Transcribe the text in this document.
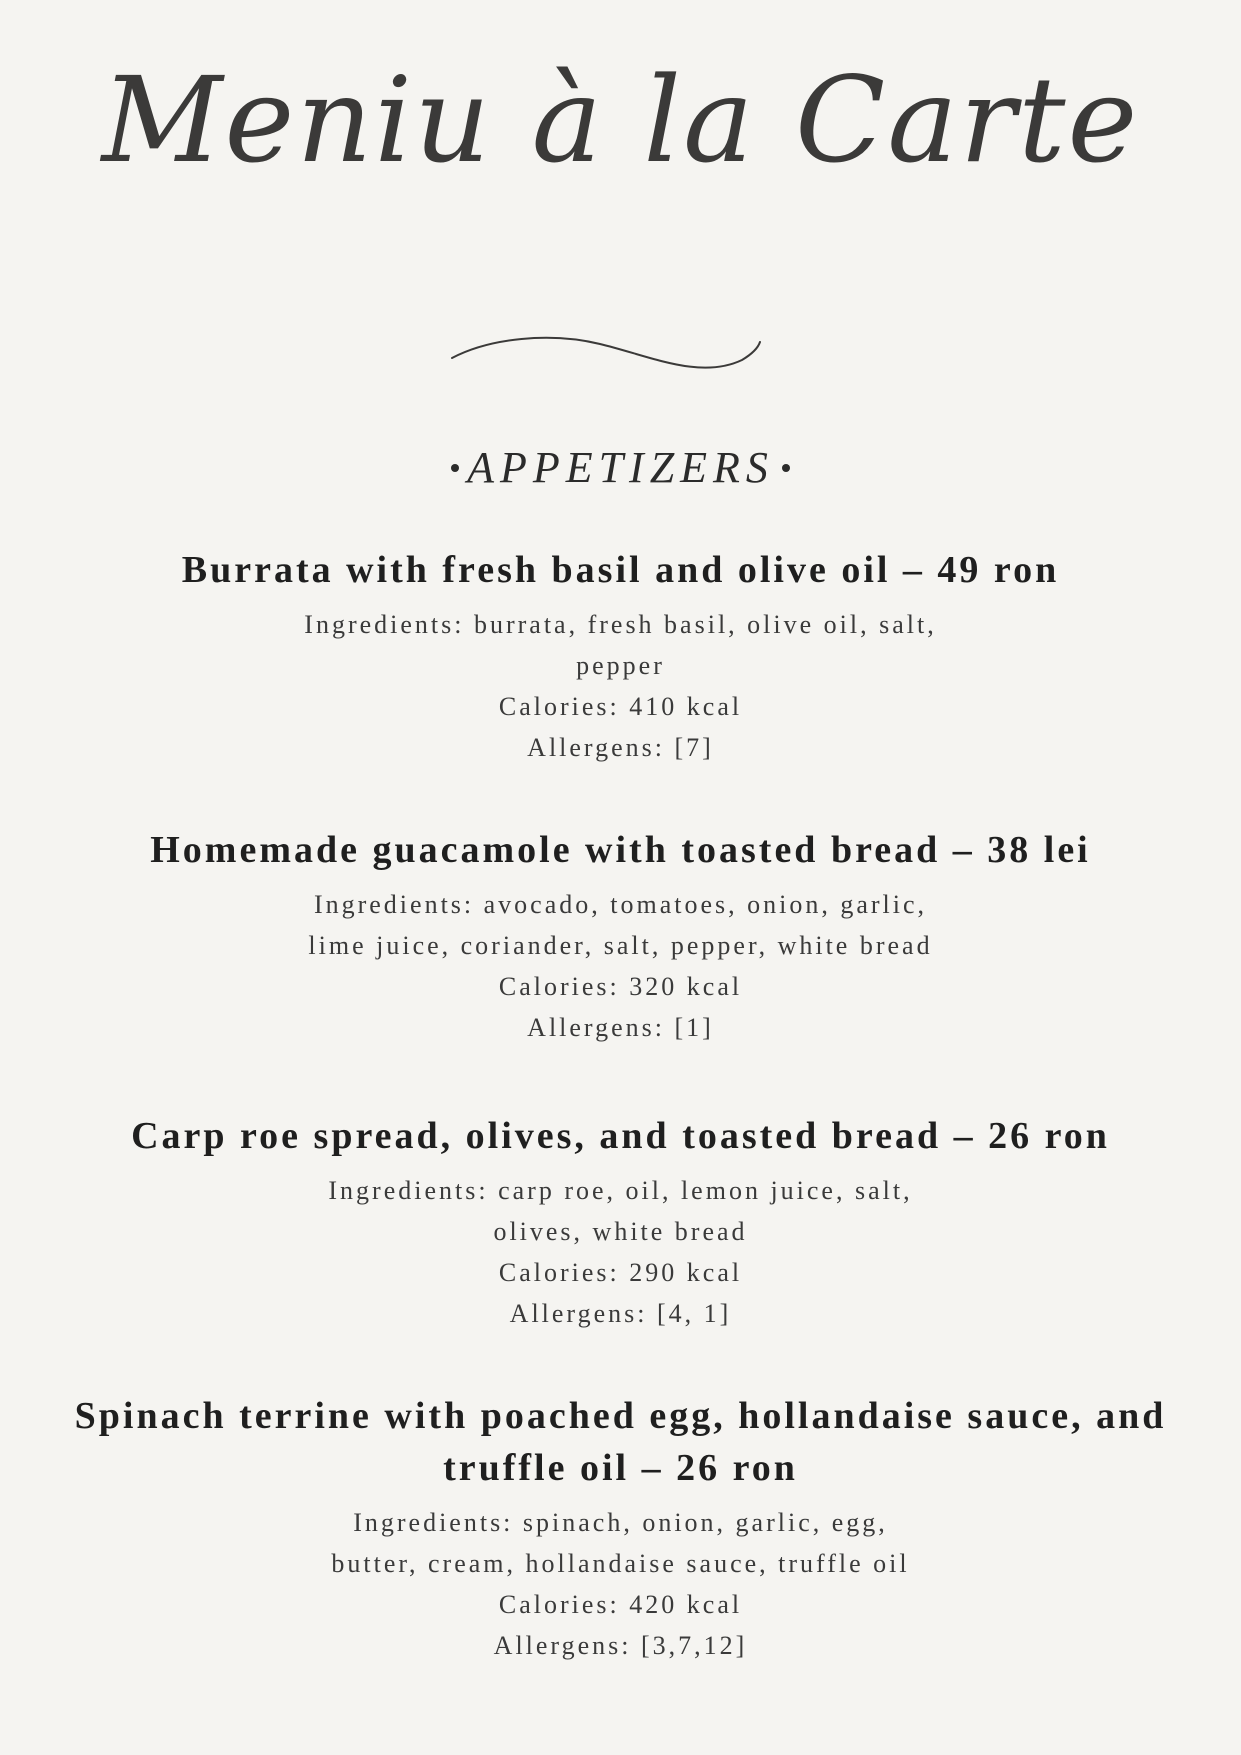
Meniu à la Carte
APPETIZERS

Burrata with fresh basil and olive oil – 49 ron

Ingredients: burrata, fresh basil, olive oil, salt,

pepper

Calories: 410 kcal

Allergens: [7]

Homemade guacamole with toasted bread – 38 lei

Ingredients: avocado, tomatoes, onion, garlic,

lime juice, coriander, salt, pepper, white bread

Calories: 320 kcal

Allergens: [1]

Carp roe spread, olives, and toasted bread – 26 ron

Ingredients: carp roe, oil, lemon juice, salt,

olives, white bread

Calories: 290 kcal

Allergens: [4, 1]

Spinach terrine with poached egg, hollandaise sauce, and

truffle oil – 26 ron

Ingredients: spinach, onion, garlic, egg,

butter, cream, hollandaise sauce, truffle oil

Calories: 420 kcal

Allergens: [3,7,12]
